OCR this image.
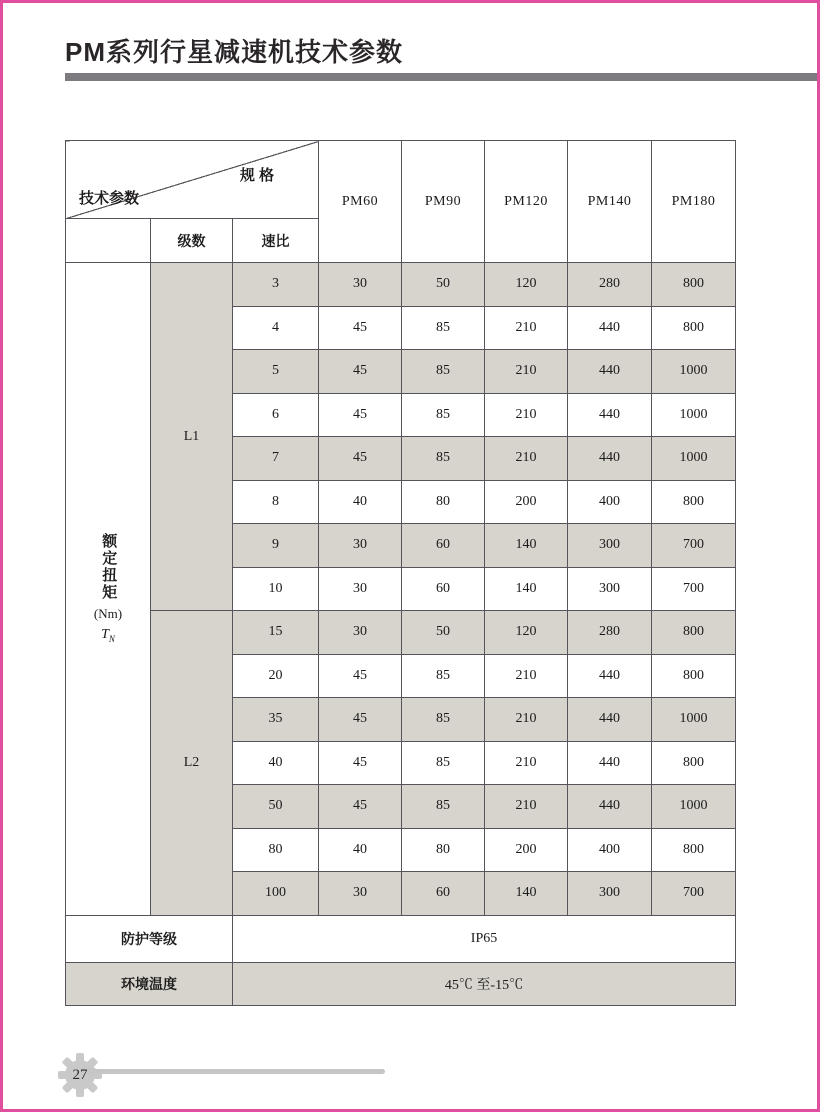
PM系列行星减速机技术参数
规 格
技术参数			PM60	PM90	PM120	PM140	PM180
	级数	速比					

额定扭矩
(Nm)
$T_N$	L1	3	30	50	120	280	800
		4	45	85	210	440	800
		5	45	85	210	440	1000
		6	45	85	210	440	1000
		7	45	85	210	440	1000
		8	40	80	200	400	800
		9	30	60	140	300	700
		10	30	60	140	300	700
	L2	15	30	50	120	280	800
		20	45	85	210	440	800
		35	45	85	210	440	1000
		40	45	85	210	440	800
		50	45	85	210	440	1000
		80	40	80	200	400	800
		100	30	60	140	300	700
防护等级		IP65					
环境温度		45℃ 至-15℃					
27
